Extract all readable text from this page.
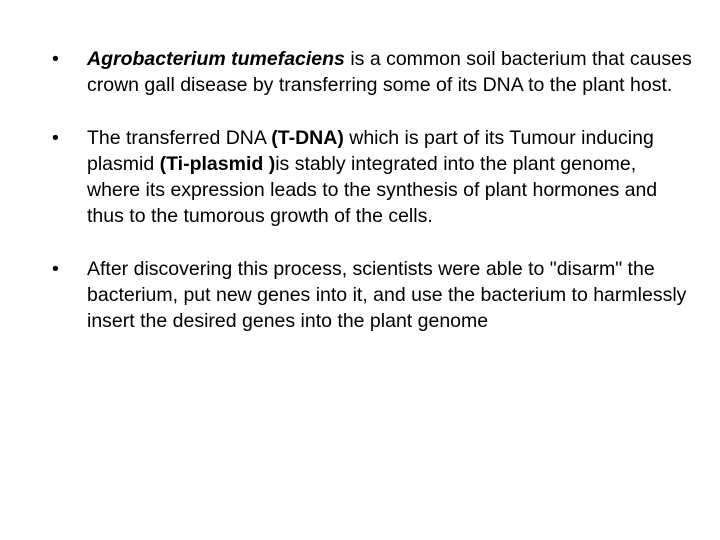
• Agrobacterium tumefaciens is a common soil bacterium that causes crown gall disease by transferring some of its DNA to the plant host.
• The transferred DNA (T-DNA) which is part of its Tumour inducing plasmid (Ti-plasmid )is stably integrated into the plant genome, where its expression leads to the synthesis of plant hormones and thus to the tumorous growth of the cells.
• After discovering this process, scientists were able to "disarm" the bacterium, put new genes into it, and use the bacterium to harmlessly insert the desired genes into the plant genome
